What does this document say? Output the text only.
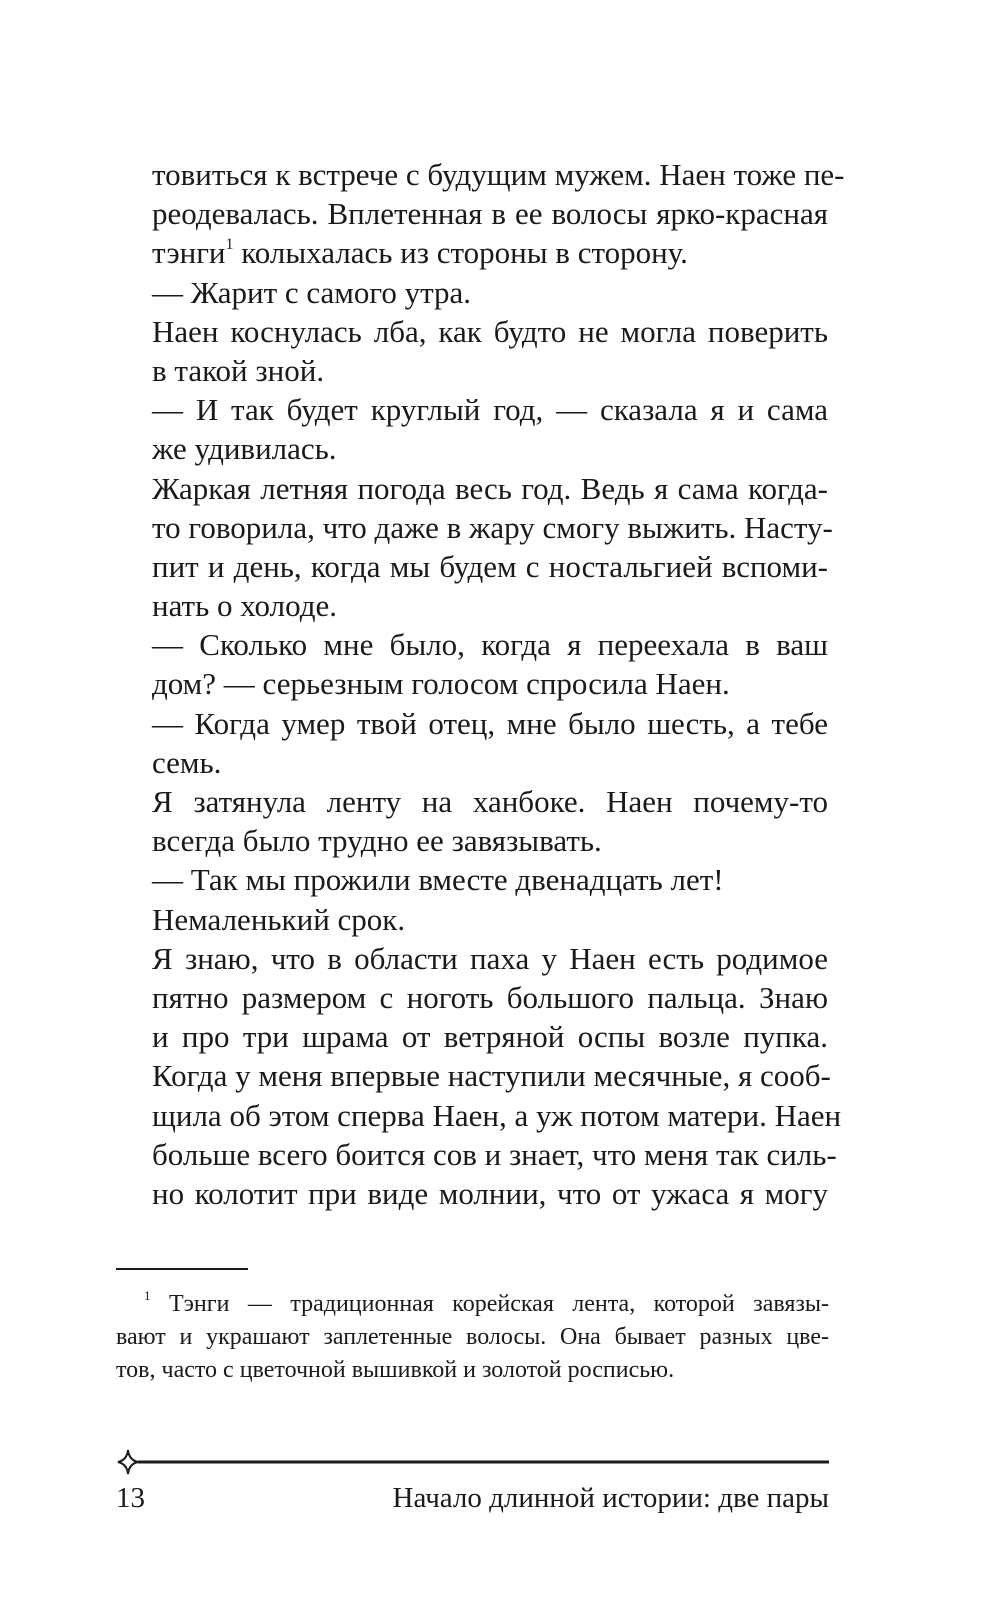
товиться к встрече с будущим мужем. Наен тоже пе-
реодевалась. Вплетенная в ее волосы ярко-красная
тэнги$^1$ колыхалась из стороны в сторону.
— Жарит с самого утра.
Наен коснулась лба, как будто не могла поверить
в такой зной.
— И так будет круглый год, — сказала я и сама
же удивилась.
Жаркая летняя погода весь год. Ведь я сама когда-
то говорила, что даже в жару смогу выжить. Насту-
пит и день, когда мы будем с ностальгией вспоми-
нать о холоде.
— Сколько мне было, когда я переехала в ваш
дом? — серьезным голосом спросила Наен.
— Когда умер твой отец, мне было шесть, а тебе
семь.
Я затянула ленту на ханбоке. Наен почему-то
всегда было трудно ее завязывать.
— Так мы прожили вместе двенадцать лет!
Немаленький срок.
Я знаю, что в области паха у Наен есть родимое
пятно размером с ноготь большого пальца. Знаю
и про три шрама от ветряной оспы возле пупка.
Когда у меня впервые наступили месячные, я сооб-
щила об этом сперва Наен, а уж потом матери. Наен
больше всего боится сов и знает, что меня так силь-
но колотит при виде молнии, что от ужаса я могу
$^1$ Тэнги — традиционная корейская лента, которой завязы-
вают и украшают заплетенные волосы. Она бывает разных цве-
тов, часто с цветочной вышивкой и золотой росписью.
13	Начало длинной истории: две пары
